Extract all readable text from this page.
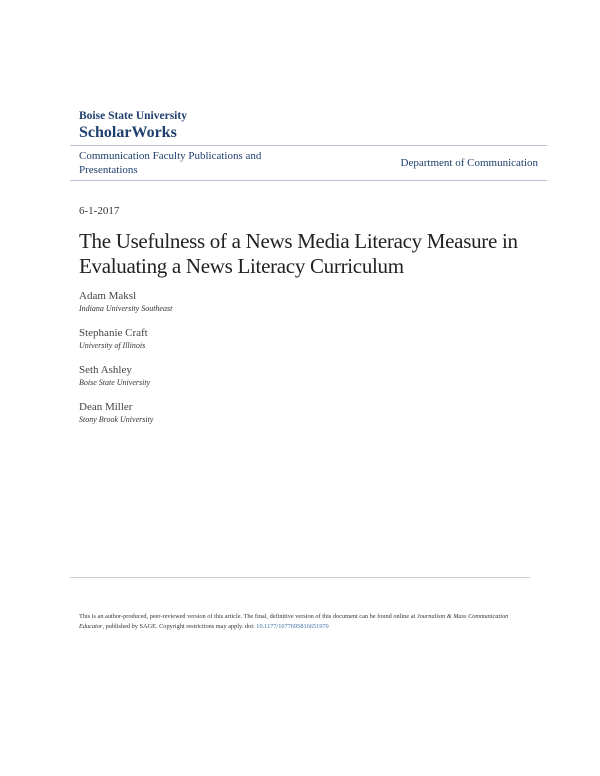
Boise State University
ScholarWorks
Communication Faculty Publications and Presentations
Department of Communication
6-1-2017
The Usefulness of a News Media Literacy Measure in Evaluating a News Literacy Curriculum
Adam Maksl
Indiana University Southeast
Stephanie Craft
University of Illinois
Seth Ashley
Boise State University
Dean Miller
Stony Brook University

This is an author-produced, peer-reviewed version of this article. The final, definitive version of this document can be found online at Journalism & Mass Communication Educator, published by SAGE. Copyright restrictions may apply. doi: 10.1177/1077695816651970
